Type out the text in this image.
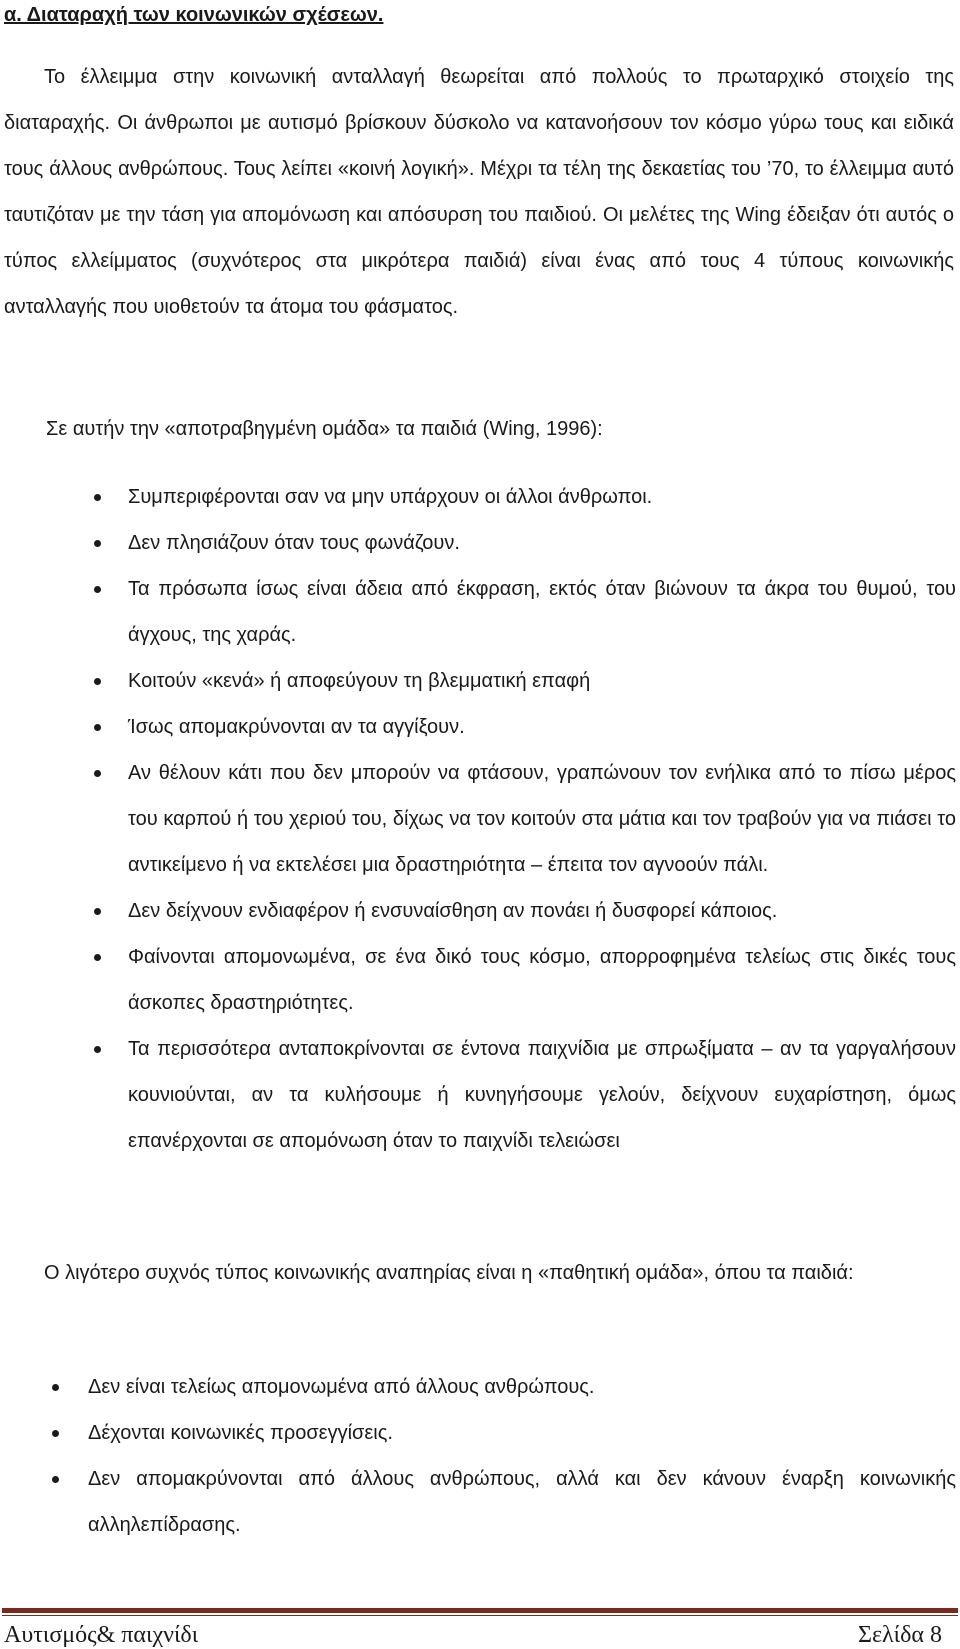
α. Διαταραχή των κοινωνικών σχέσεων.

Το έλλειμμα στην κοινωνική ανταλλαγή θεωρείται από πολλούς το πρωταρχικό στοιχείο της διαταραχής. Οι άνθρωποι με αυτισμό βρίσκουν δύσκολο να κατανοήσουν τον κόσμο γύρω τους και ειδικά τους άλλους ανθρώπους. Τους λείπει «κοινή λογική». Μέχρι τα τέλη της δεκαετίας του ’70, το έλλειμμα αυτό ταυτιζόταν με την τάση για απομόνωση και απόσυρση του παιδιού. Οι μελέτες της Wing έδειξαν ότι αυτός ο τύπος ελλείμματος (συχνότερος στα μικρότερα παιδιά) είναι ένας από τους 4 τύπους κοινωνικής ανταλλαγής που υιοθετούν τα άτομα του φάσματος.

Σε αυτήν την «αποτραβηγμένη ομάδα» τα παιδιά (Wing, 1996):

Συμπεριφέρονται σαν να μην υπάρχουν οι άλλοι άνθρωποι.
Δεν πλησιάζουν όταν τους φωνάζουν.
Τα πρόσωπα ίσως είναι άδεια από έκφραση, εκτός όταν βιώνουν τα άκρα του θυμού, του άγχους, της χαράς.
Κοιτούν «κενά» ή αποφεύγουν τη βλεμματική επαφή
Ίσως απομακρύνονται αν τα αγγίξουν.
Αν θέλουν κάτι που δεν μπορούν να φτάσουν, γραπώνουν τον ενήλικα από το πίσω μέρος του καρπού ή του χεριού του, δίχως να τον κοιτούν στα μάτια και τον τραβούν για να πιάσει το αντικείμενο ή να εκτελέσει μια δραστηριότητα – έπειτα τον αγνοούν πάλι.
Δεν δείχνουν ενδιαφέρον ή ενσυναίσθηση αν πονάει ή δυσφορεί κάποιος.
Φαίνονται απομονωμένα, σε ένα δικό τους κόσμο, απορροφημένα τελείως στις δικές τους άσκοπες δραστηριότητες.
Τα περισσότερα ανταποκρίνονται σε έντονα παιχνίδια με σπρωξίματα – αν τα γαργαλήσουν κουνιούνται, αν τα κυλήσουμε ή κυνηγήσουμε γελούν, δείχνουν ευχαρίστηση, όμως επανέρχονται σε απομόνωση όταν το παιχνίδι τελειώσει

Ο λιγότερο συχνός τύπος κοινωνικής αναπηρίας είναι η «παθητική ομάδα», όπου τα παιδιά:

Δεν είναι τελείως απομονωμένα από άλλους ανθρώπους.
Δέχονται κοινωνικές προσεγγίσεις.
Δεν απομακρύνονται από άλλους ανθρώπους, αλλά και δεν κάνουν έναρξη κοινωνικής αλληλεπίδρασης.
Αυτισμός& παιχνίδι	Σελίδα 8
